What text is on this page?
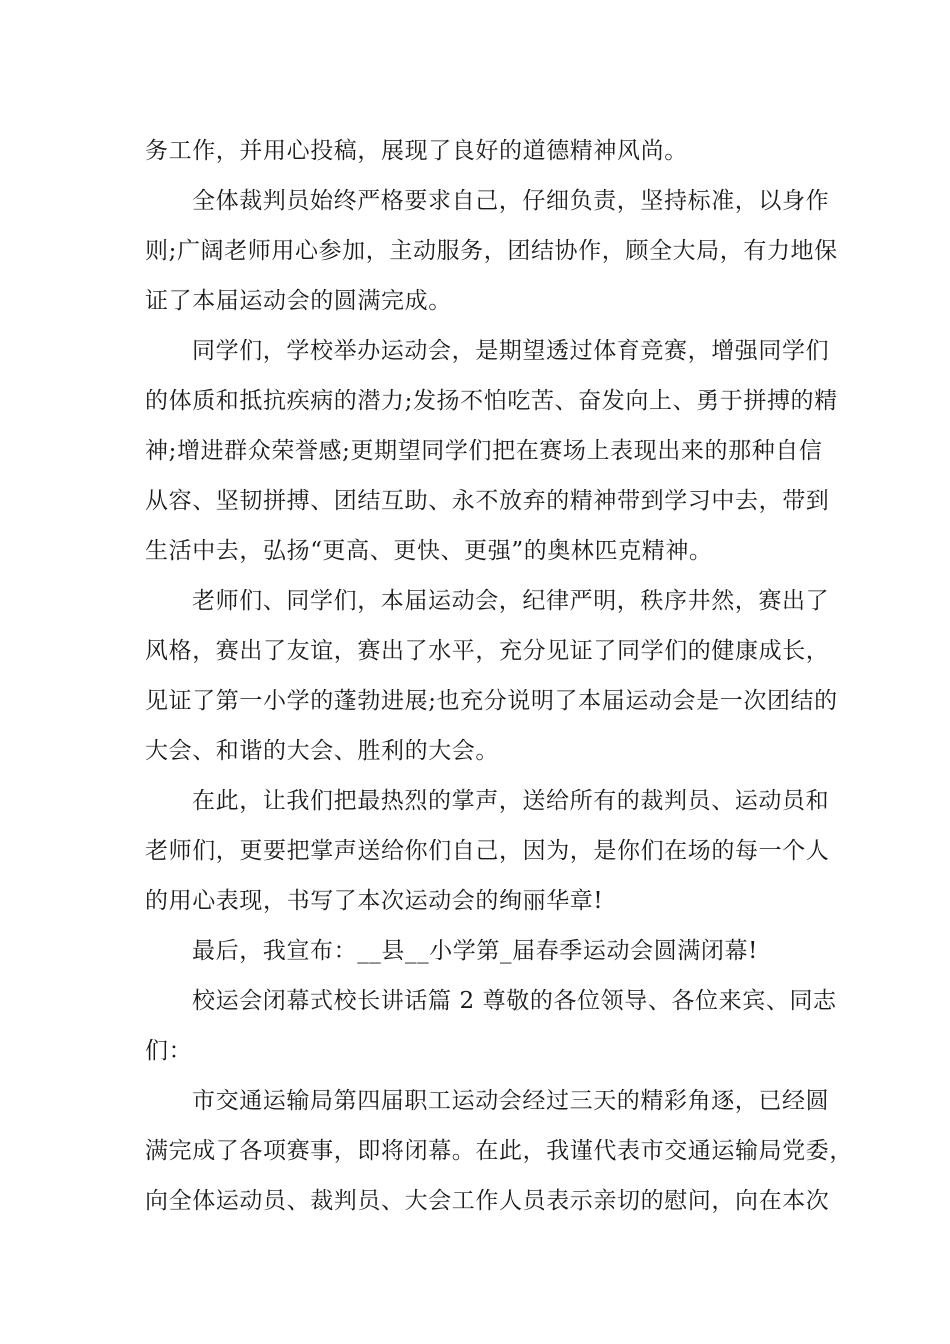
务工作，并用心投稿，展现了良好的道德精神风尚。
全体裁判员始终严格要求自己，仔细负责，坚持标准，以身作
则;广阔老师用心参加，主动服务，团结协作，顾全大局，有力地保
证了本届运动会的圆满完成。
同学们，学校举办运动会，是期望透过体育竞赛，增强同学们
的体质和抵抗疾病的潜力;发扬不怕吃苦、奋发向上、勇于拼搏的精
神;增进群众荣誉感;更期望同学们把在赛场上表现出来的那种自信
从容、坚韧拼搏、团结互助、永不放弃的精神带到学习中去，带到
生活中去，弘扬“更高、更快、更强”的奥林匹克精神。
老师们、同学们，本届运动会，纪律严明，秩序井然，赛出了
风格，赛出了友谊，赛出了水平，充分见证了同学们的健康成长，
见证了第一小学的蓬勃进展;也充分说明了本届运动会是一次团结的
大会、和谐的大会、胜利的大会。
在此，让我们把最热烈的掌声，送给所有的裁判员、运动员和
老师们，更要把掌声送给你们自己，因为，是你们在场的每一个人
的用心表现，书写了本次运动会的绚丽华章!
最后，我宣布：__县__小学第_届春季运动会圆满闭幕!
校运会闭幕式校长讲话篇 2 尊敬的各位领导、各位来宾、同志
们：
市交通运输局第四届职工运动会经过三天的精彩角逐，已经圆
满完成了各项赛事，即将闭幕。在此，我谨代表市交通运输局党委，
向全体运动员、裁判员、大会工作人员表示亲切的慰问，向在本次
